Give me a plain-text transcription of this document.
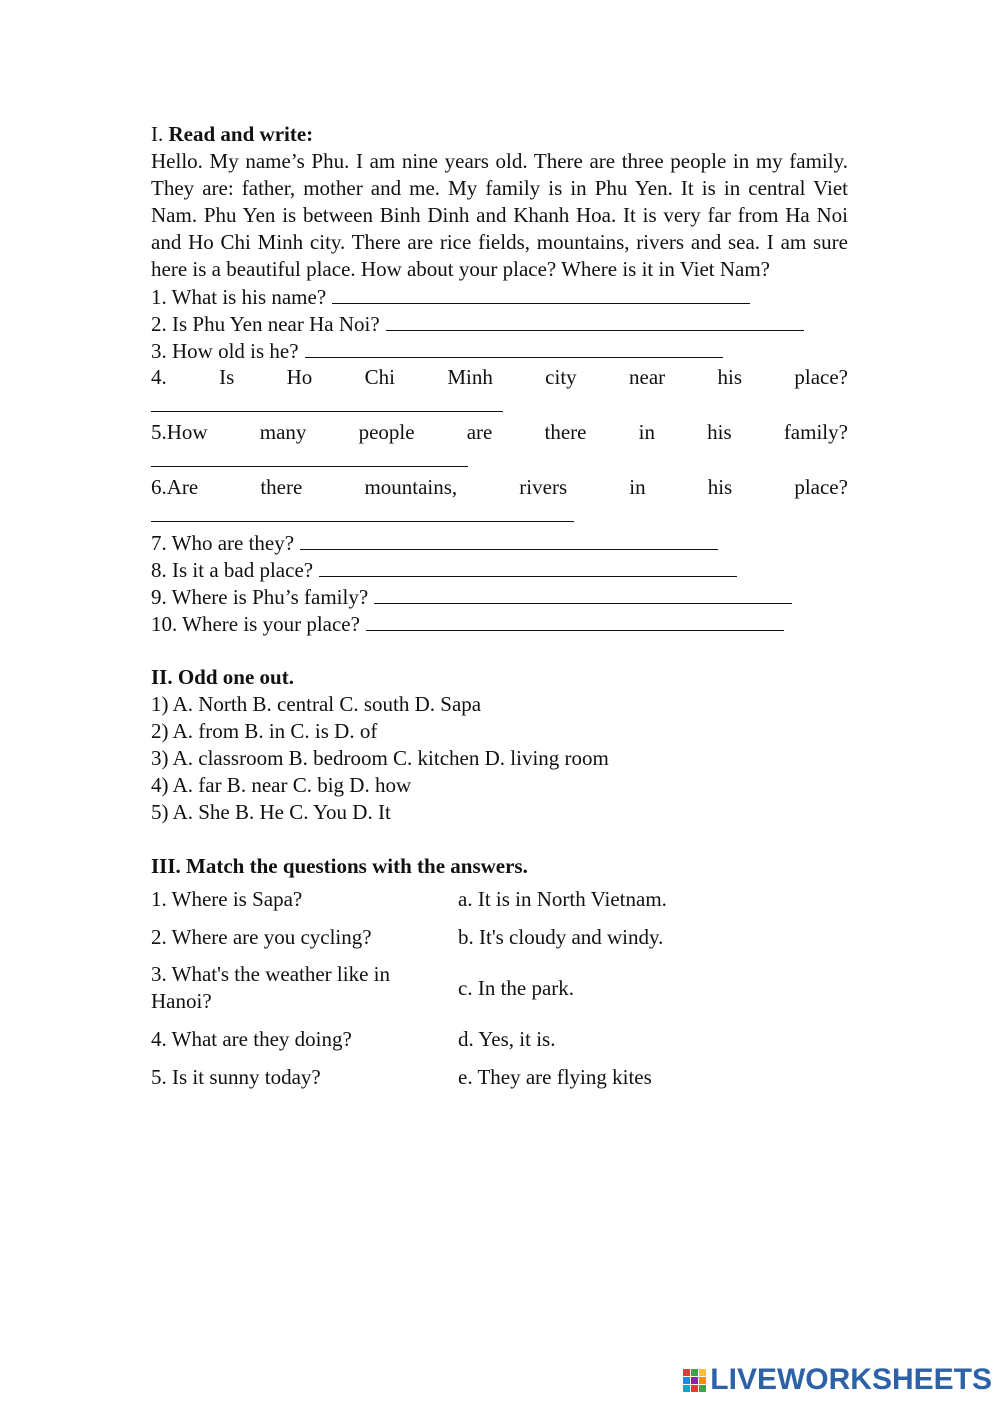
I. Read and write:
Hello. My name’s Phu. I am nine years old. There are three people in my family. They are: father, mother and me. My family is in Phu Yen. It is in central Viet Nam. Phu Yen is between Binh Dinh and Khanh Hoa. It is very far from Ha Noi and Ho Chi Minh city. There are rice fields, mountains, rivers and sea. I am sure here is a beautiful place. How about your place? Where is it in Viet Nam?
1. What is his name?
2. Is Phu Yen near Ha Noi?
3. How old is he?
4. Is Ho Chi Minh city near his place?
5.How many people are there in his family?
6.Are	there	mountains,	rivers	in	his	place?
7. Who are they?
8. Is it a bad place?
9. Where is Phu’s family?
10. Where is your place?
II. Odd one out.
1) A. North B. central C. south D. Sapa
2) A. from B. in C. is D. of
3) A. classroom B. bedroom C. kitchen D. living room
4) A. far B. near C. big D. how
5) A. She B. He C. You D. It
III. Match the questions with the answers.
1. Where is Sapa?	a. It is in North Vietnam.
2. Where are you cycling?	b. It's cloudy and windy.
3. What's the weather like in Hanoi?
c. In the park.
4. What are they doing?	d. Yes, it is.
5. Is it sunny today?	e. They are flying kites
LIVEWORKSHEETS
